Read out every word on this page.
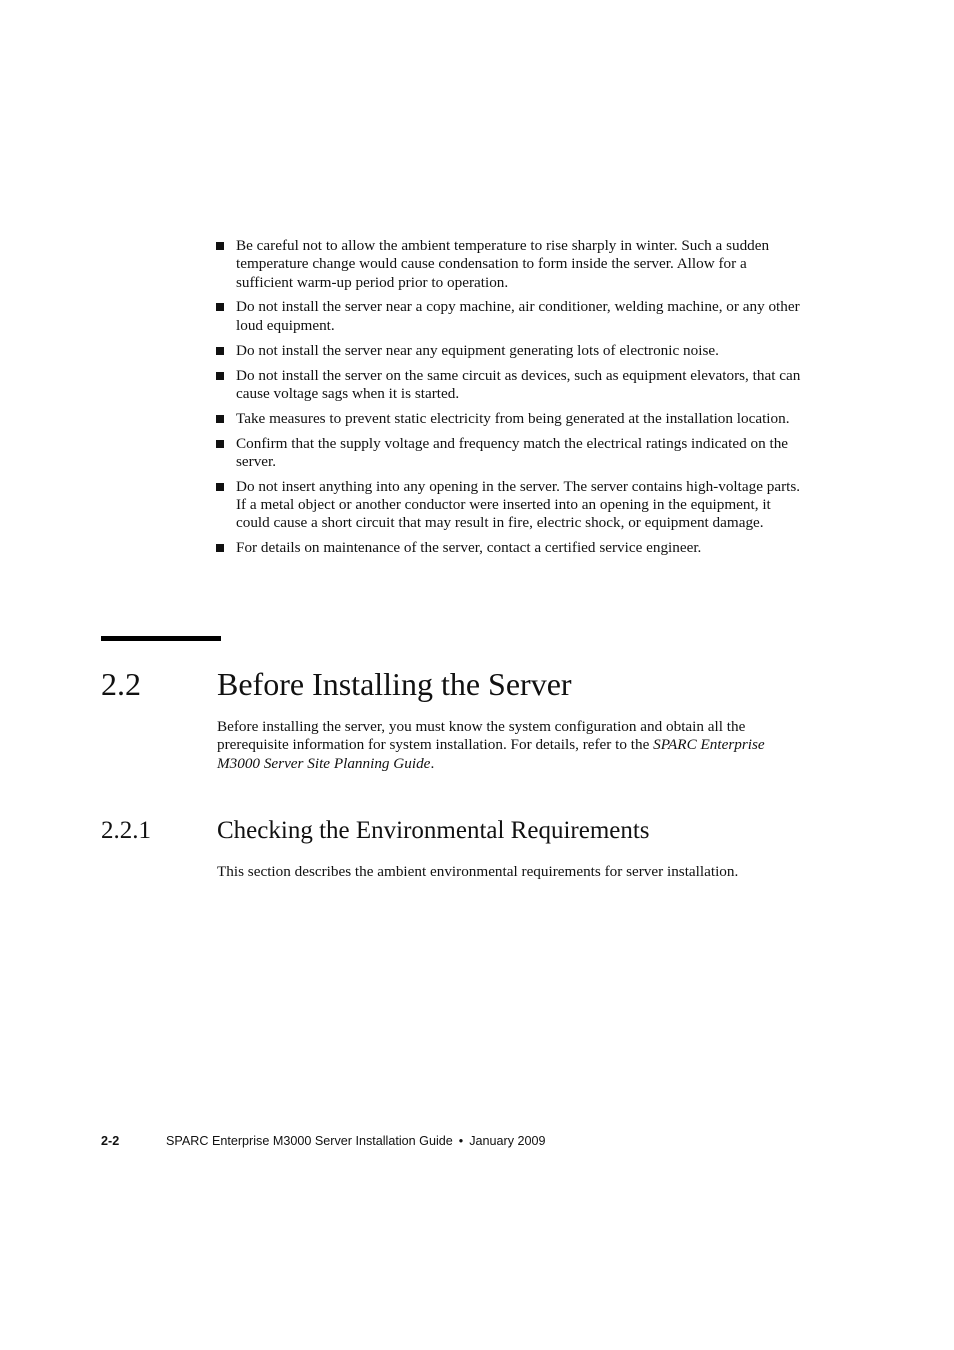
Be careful not to allow the ambient temperature to rise sharply in winter. Such a sudden temperature change would cause condensation to form inside the server. Allow for a sufficient warm-up period prior to operation.
Do not install the server near a copy machine, air conditioner, welding machine, or any other loud equipment.
Do not install the server near any equipment generating lots of electronic noise.
Do not install the server on the same circuit as devices, such as equipment elevators, that can cause voltage sags when it is started.
Take measures to prevent static electricity from being generated at the installation location.
Confirm that the supply voltage and frequency match the electrical ratings indicated on the server.
Do not insert anything into any opening in the server. The server contains high-voltage parts. If a metal object or another conductor were inserted into an opening in the equipment, it could cause a short circuit that may result in fire, electric shock, or equipment damage.
For details on maintenance of the server, contact a certified service engineer.
2.2 Before Installing the Server

Before installing the server, you must know the system configuration and obtain all the prerequisite information for system installation. For details, refer to the SPARC Enterprise M3000 Server Site Planning Guide.

2.2.1	Checking the Environmental Requirements

This section describes the ambient environmental requirements for server installation.

2-2	SPARC Enterprise M3000 Server Installation Guide • January 2009
